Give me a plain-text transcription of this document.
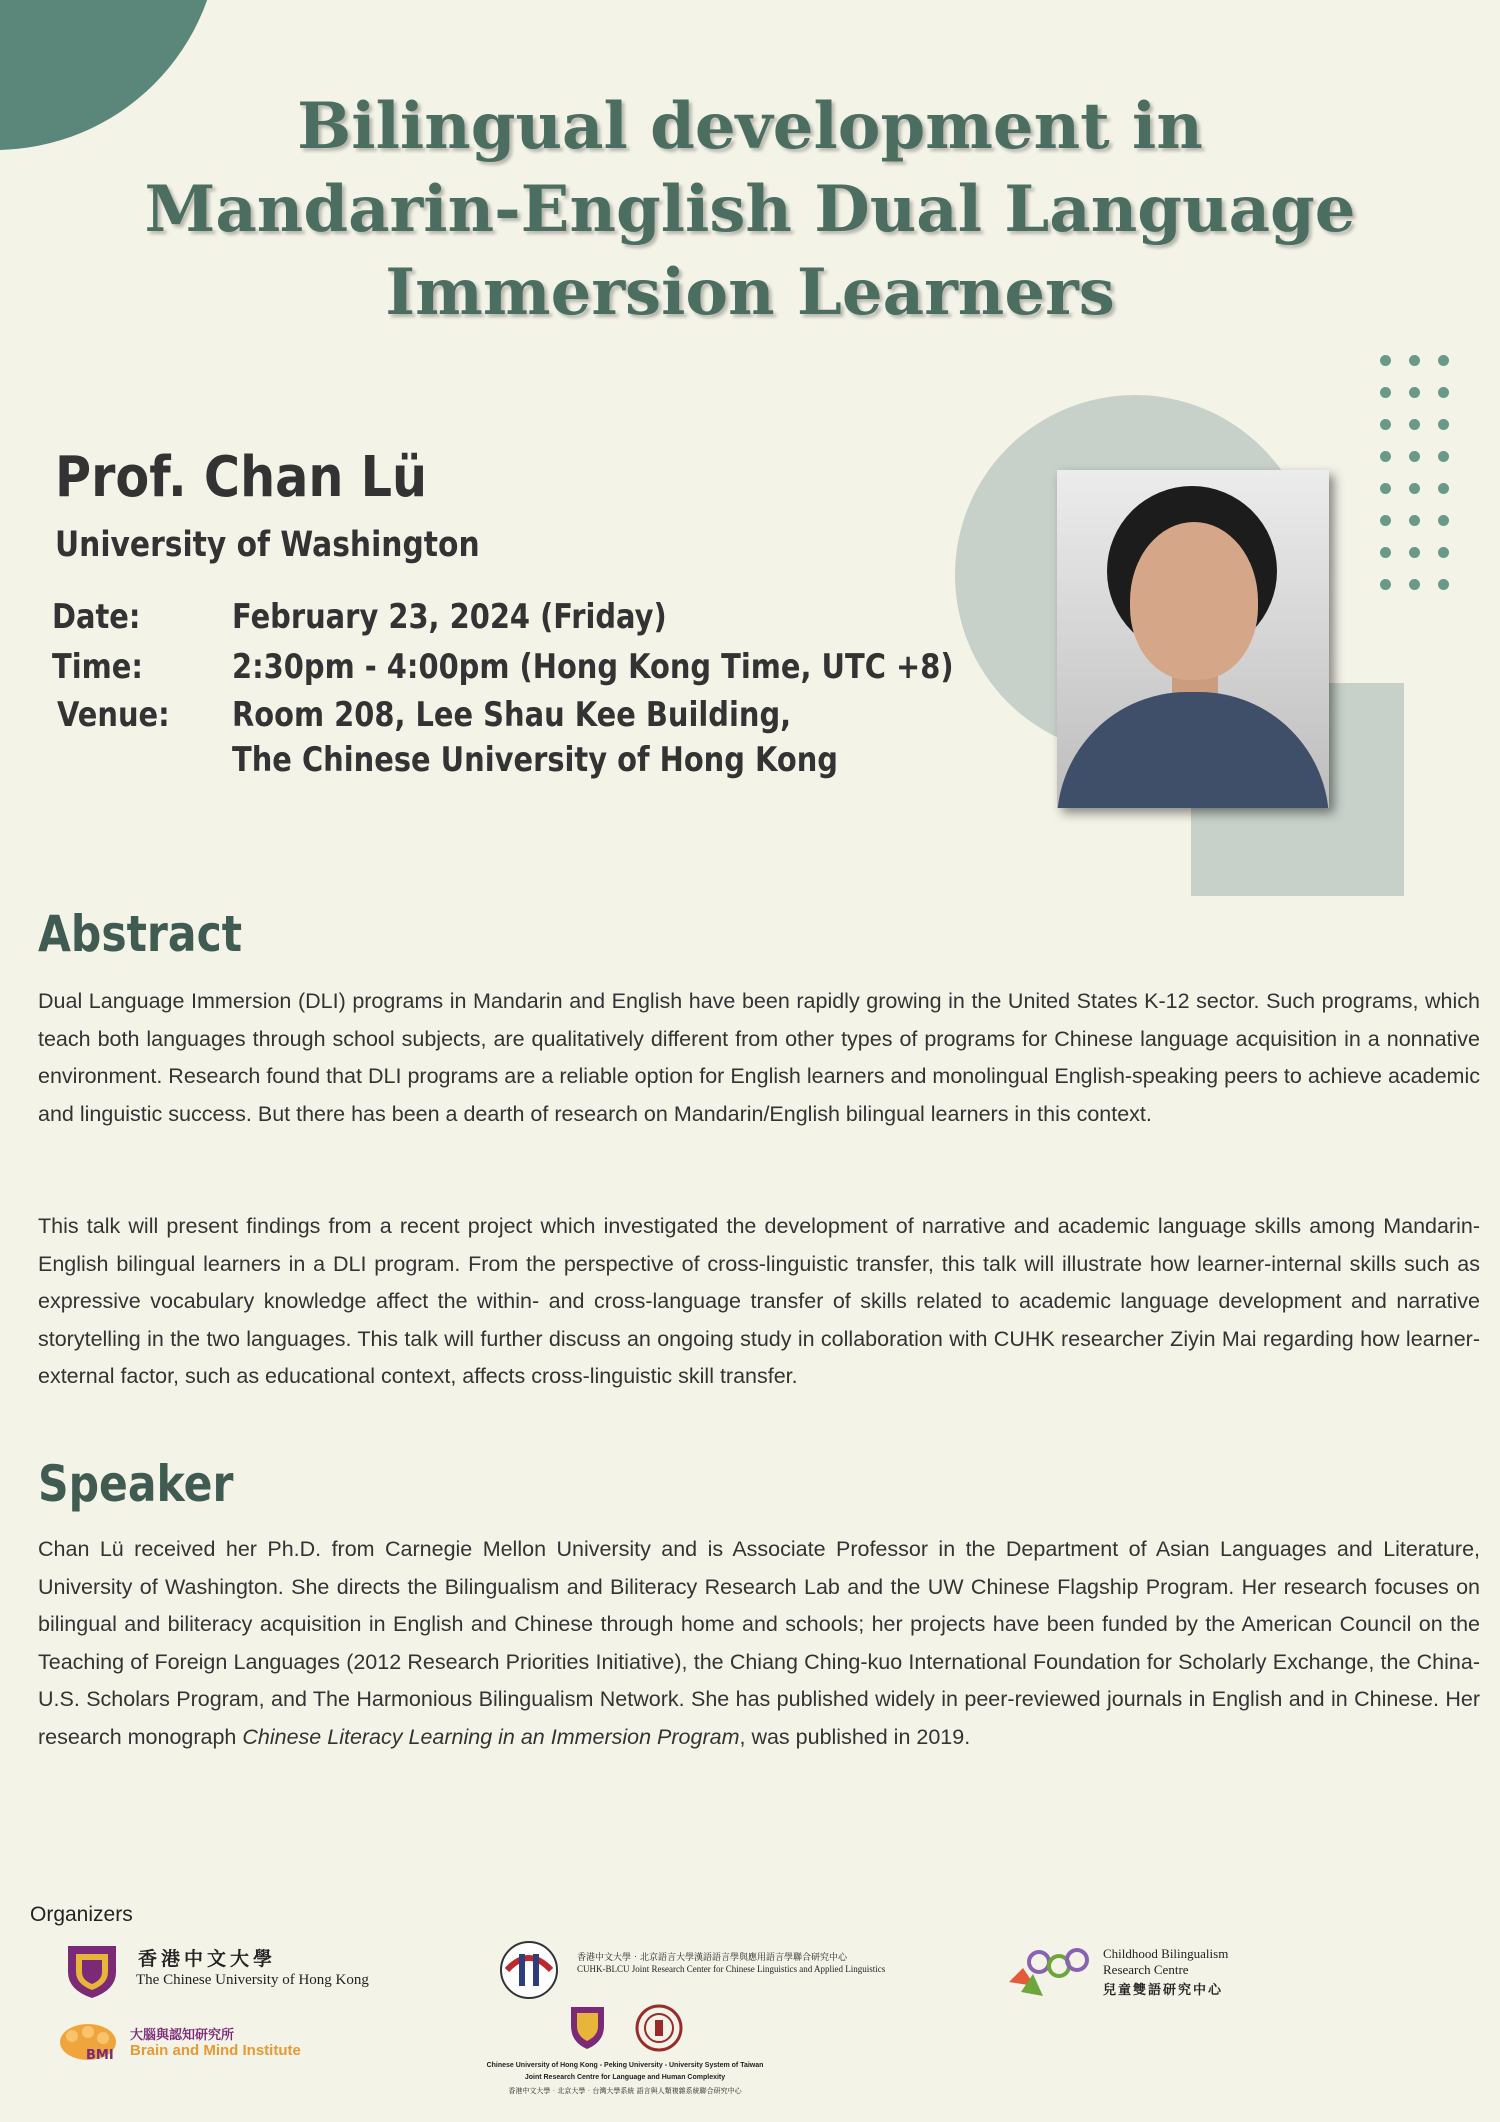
Bilingual development in
Mandarin-English Dual Language
Immersion Learners

Prof. Chan Lü
University of Washington
Date:	February 23, 2024 (Friday)
Time:	2:30pm - 4:00pm (Hong Kong Time, UTC +8)
Venue: Room 208, Lee Shau Kee Building,
The Chinese University of Hong Kong
Abstract

Dual Language Immersion (DLI) programs in Mandarin and English have been rapidly growing in the United States K-12 sector. Such programs, which teach both languages through school subjects, are qualitatively different from other types of programs for Chinese language acquisition in a nonnative environment. Research found that DLI programs are a reliable option for English learners and monolingual English-speaking peers to achieve academic and linguistic success. But there has been a dearth of research on Mandarin/English bilingual learners in this context.

This talk will present findings from a recent project which investigated the development of narrative and academic language skills among Mandarin-English bilingual learners in a DLI program. From the perspective of cross-linguistic transfer, this talk will illustrate how learner-internal skills such as expressive vocabulary knowledge affect the within- and cross-language transfer of skills related to academic language development and narrative storytelling in the two languages. This talk will further discuss an ongoing study in collaboration with CUHK researcher Ziyin Mai regarding how learner-external factor, such as educational context, affects cross-linguistic skill transfer.

Speaker

Chan Lü received her Ph.D. from Carnegie Mellon University and is Associate Professor in the Department of Asian Languages and Literature, University of Washington. She directs the Bilingualism and Biliteracy Research Lab and the UW Chinese Flagship Program. Her research focuses on bilingual and biliteracy acquisition in English and Chinese through home and schools; her projects have been funded by the American Council on the Teaching of Foreign Languages (2012 Research Priorities Initiative), the Chiang Ching-kuo International Foundation for Scholarly Exchange, the China-U.S. Scholars Program, and The Harmonious Bilingualism Network. She has published widely in peer-reviewed journals in English and in Chinese. Her research monograph Chinese Literacy Learning in an Immersion Program, was published in 2019.

Organizers
香港中文大學
The Chinese University of Hong Kong
BMI
大腦與認知研究所
Brain and Mind Institute
香港中文大學‧北京語言大學漢語語言學與應用語言學聯合研究中心
CUHK-BLCU Joint Research Center for Chinese Linguistics and Applied Linguistics
Chinese University of Hong Kong - Peking University - University System of Taiwan
Joint Research Centre for Language and Human Complexity
香港中文大學‧北京大學‧台灣大學系統 語言與人類複雜系統聯合研究中心
Childhood Bilingualism
Research Centre
兒童雙語研究中心
